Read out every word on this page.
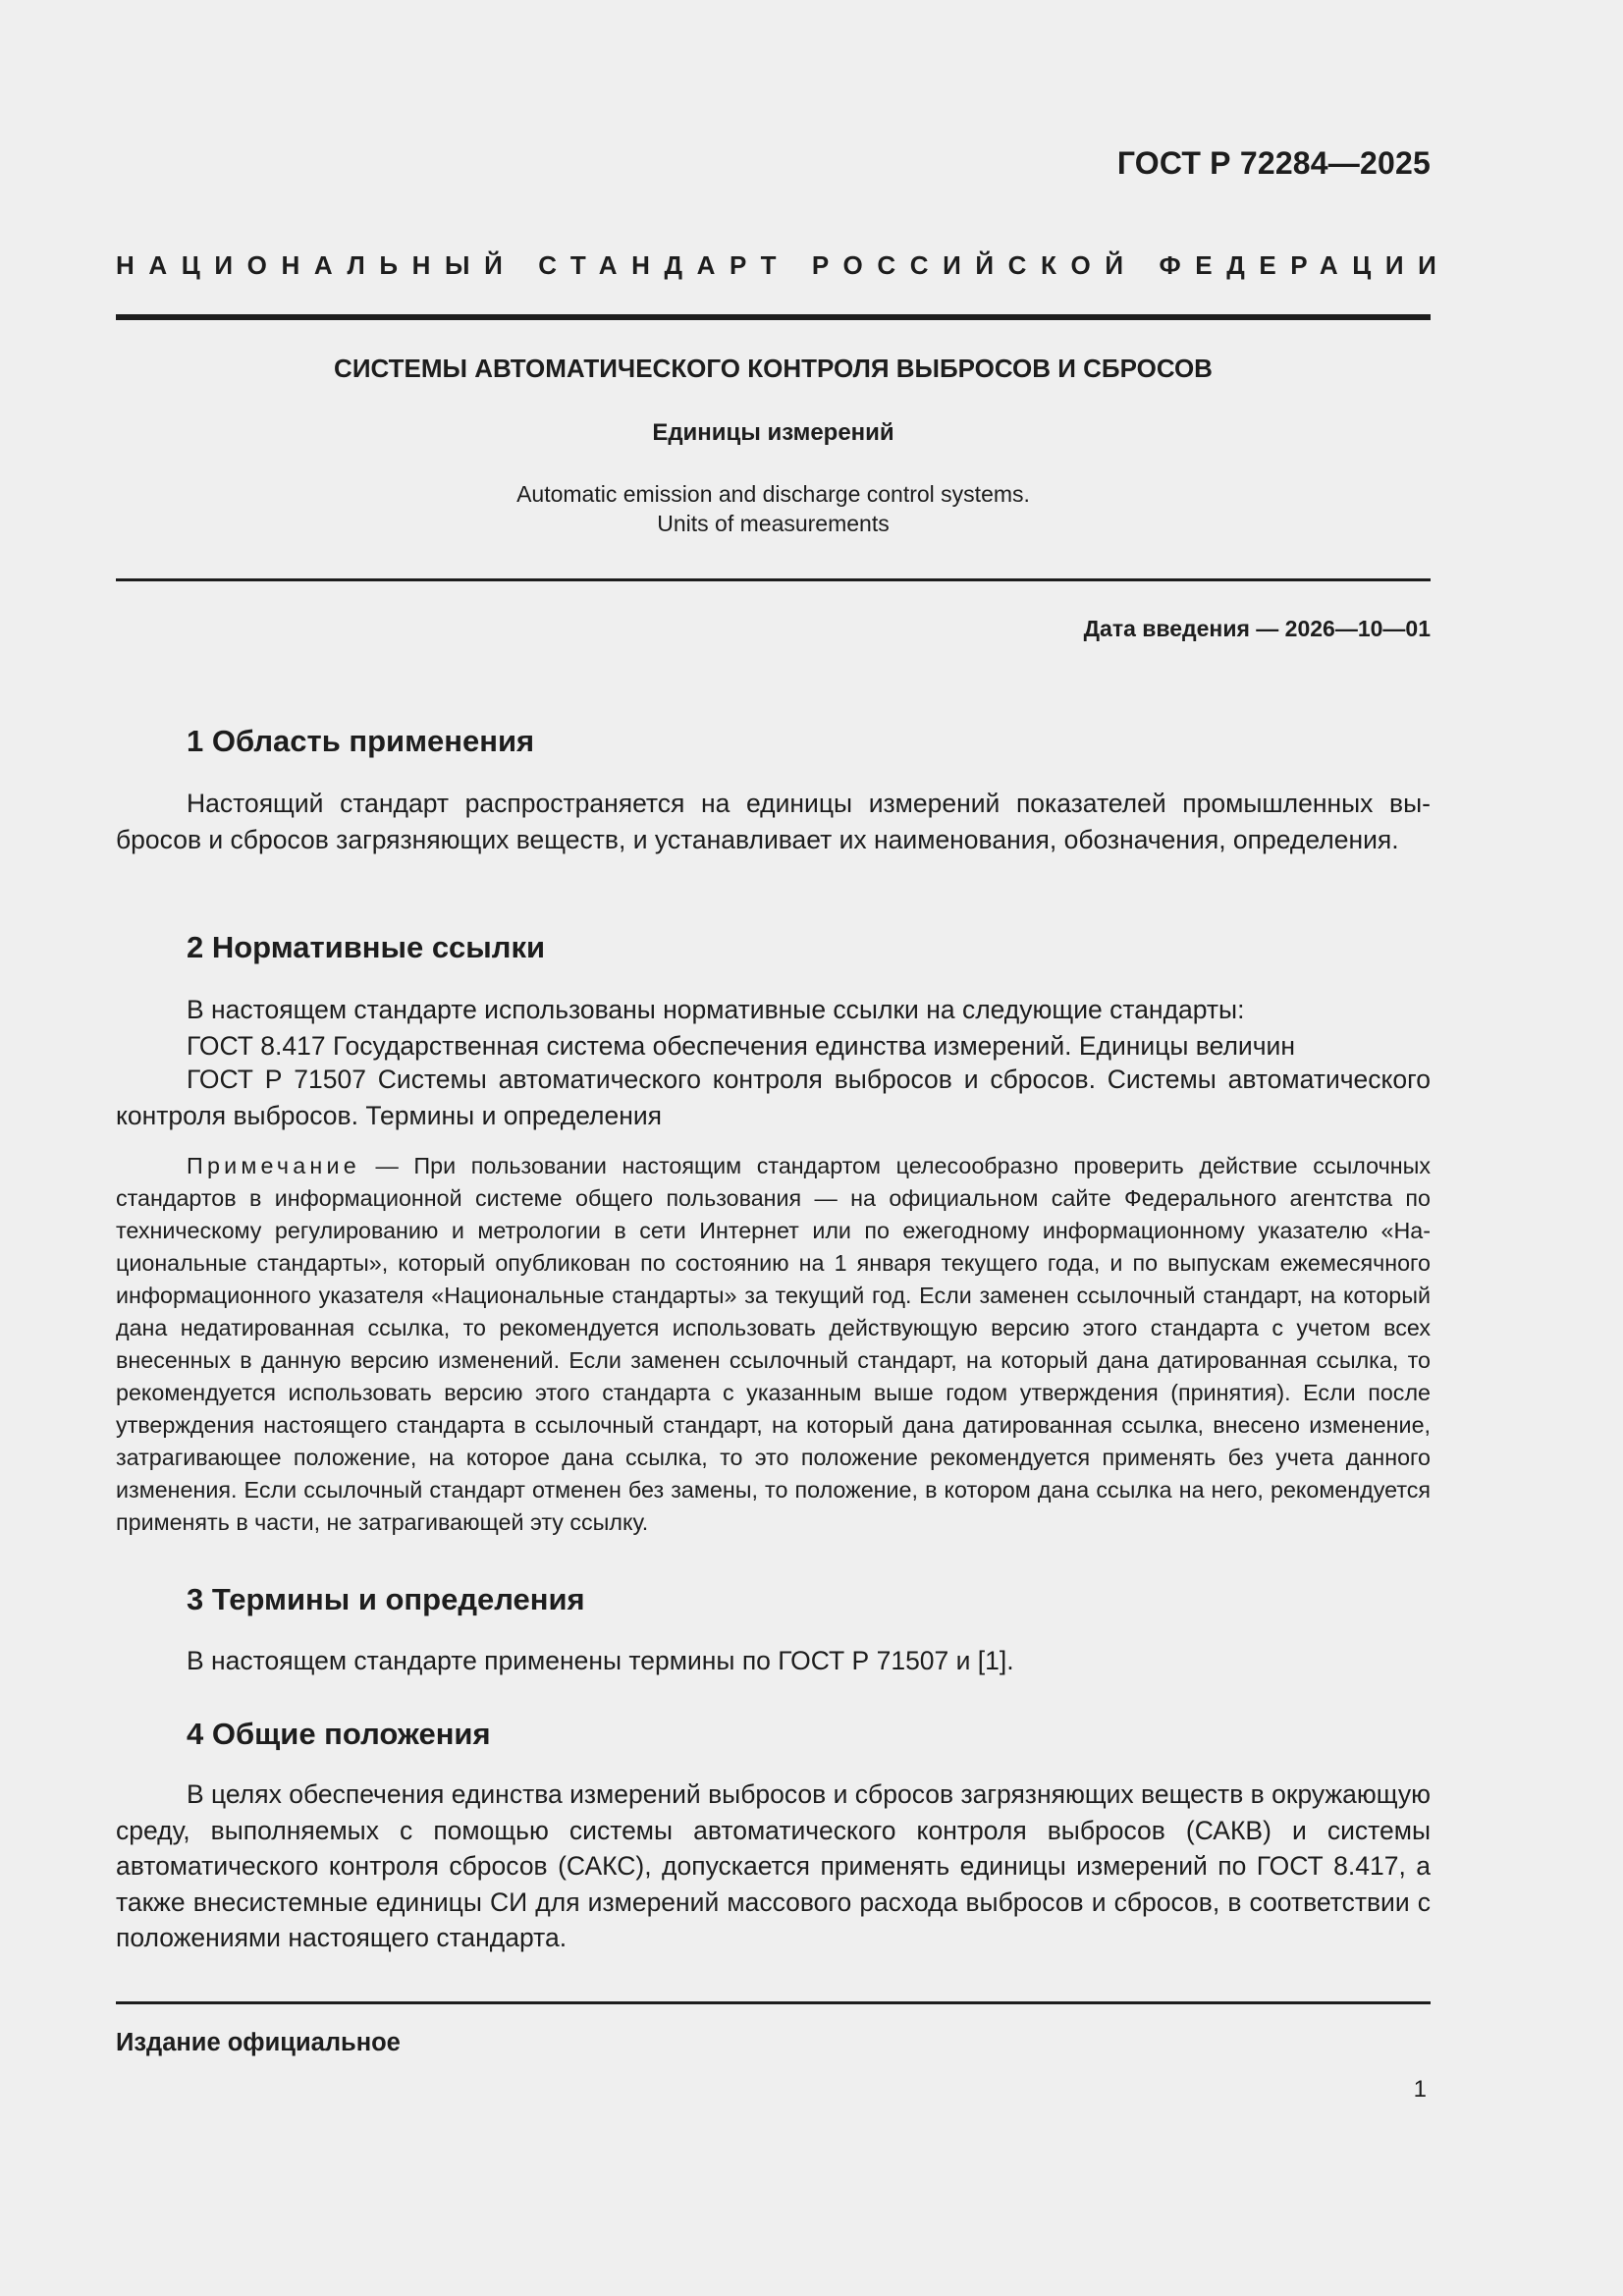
ГОСТ Р 72284—2025
НАЦИОНАЛЬНЫЙ СТАНДАРТ РОССИЙСКОЙ ФЕДЕРАЦИИ
СИСТЕМЫ АВТОМАТИЧЕСКОГО КОНТРОЛЯ ВЫБРОСОВ И СБРОСОВ
Единицы измерений
Automatic emission and discharge control systems.
Units of measurements
Дата введения — 2026—10—01
1 Область применения
Настоящий стандарт распространяется на единицы измерений показателей промышленных выбросов и сбросов загрязняющих веществ, и устанавливает их наименования, обозначения, определения.
2 Нормативные ссылки
В настоящем стандарте использованы нормативные ссылки на следующие стандарты:
ГОСТ 8.417 Государственная система обеспечения единства измерений. Единицы величин
ГОСТ Р 71507 Системы автоматического контроля выбросов и сбросов. Системы автоматического контроля выбросов. Термины и определения
Примечание — При пользовании настоящим стандартом целесообразно проверить действие ссылочных стандартов в информационной системе общего пользования — на официальном сайте Федерального агентства по техническому регулированию и метрологии в сети Интернет или по ежегодному информационному указателю «Национальные стандарты», который опубликован по состоянию на 1 января текущего года, и по выпускам ежемесячного информационного указателя «Национальные стандарты» за текущий год. Если заменен ссылочный стандарт, на который дана недатированная ссылка, то рекомендуется использовать действующую версию этого стандарта с учетом всех внесенных в данную версию изменений. Если заменен ссылочный стандарт, на который дана датированная ссылка, то рекомендуется использовать версию этого стандарта с указанным выше годом утверждения (принятия). Если после утверждения настоящего стандарта в ссылочный стандарт, на который дана датированная ссылка, внесено изменение, затрагивающее положение, на которое дана ссылка, то это положение рекомендуется применять без учета данного изменения. Если ссылочный стандарт отменен без замены, то положение, в котором дана ссылка на него, рекомендуется применять в части, не затрагивающей эту ссылку.
3 Термины и определения
В настоящем стандарте применены термины по ГОСТ Р 71507 и [1].
4 Общие положения
В целях обеспечения единства измерений выбросов и сбросов загрязняющих веществ в окружающую среду, выполняемых с помощью системы автоматического контроля выбросов (САКВ) и системы автоматического контроля сбросов (САКС), допускается применять единицы измерений по ГОСТ 8.417, а также внесистемные единицы СИ для измерений массового расхода выбросов и сбросов, в соответствии с положениями настоящего стандарта.
Издание официальное
1
